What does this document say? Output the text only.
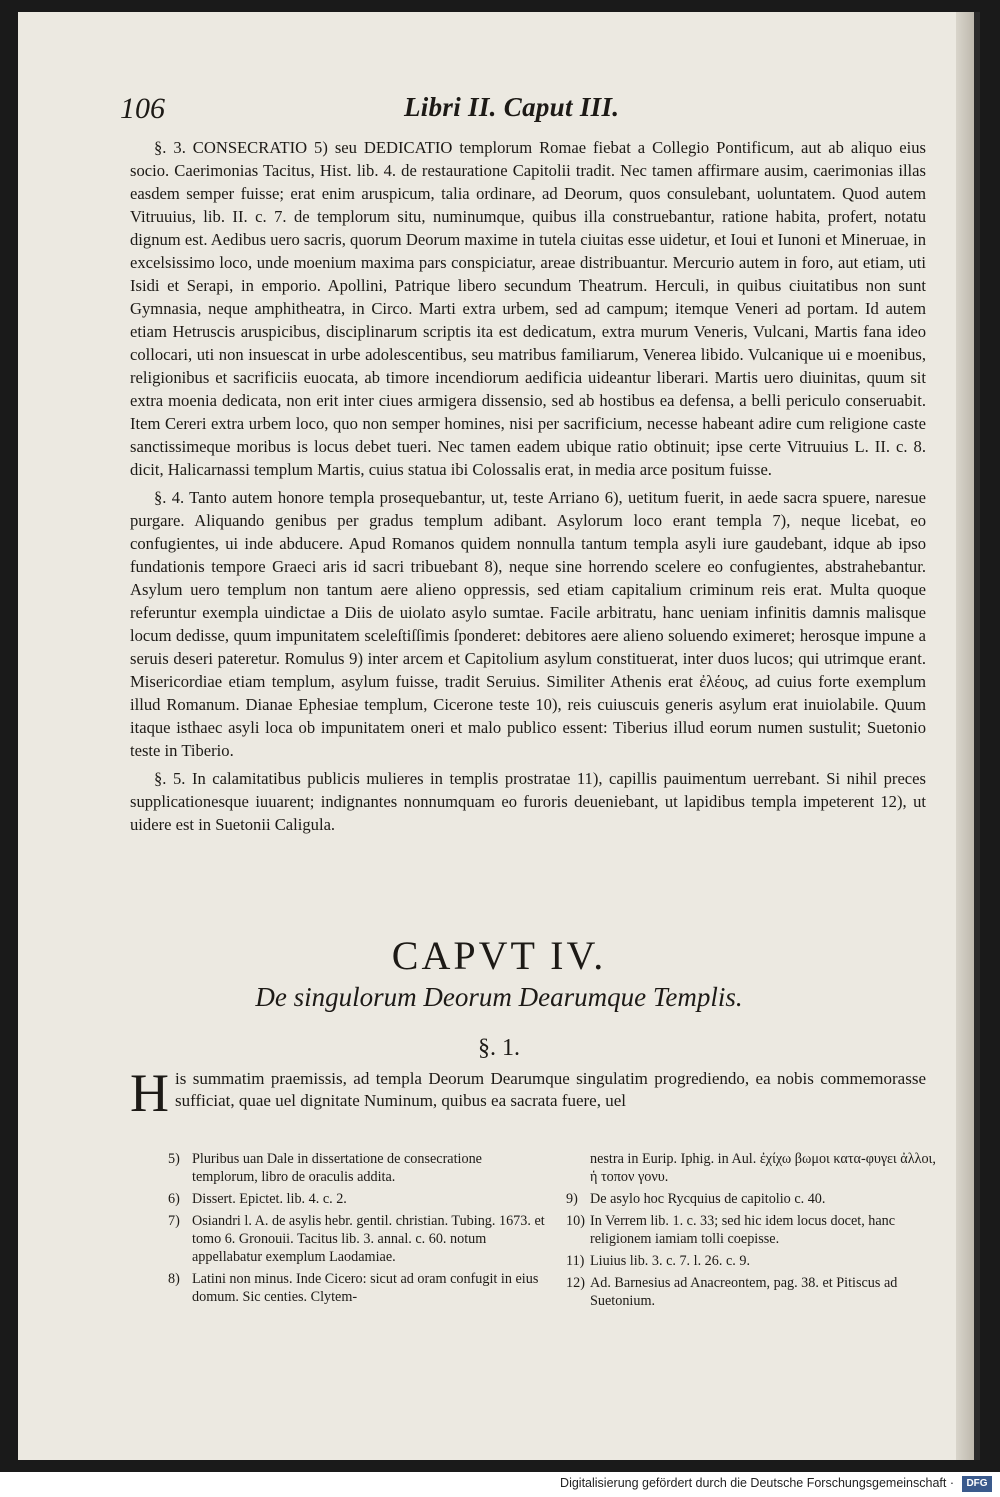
106	Libri II. Caput III.

§. 3. CONSECRATIO 5) seu DEDICATIO templorum Romae fiebat a Collegio Pontificum, aut ab aliquo eius socio. Caerimonias Tacitus, Hist. lib. 4. de restauratione Capitolii tradit. Nec tamen affirmare ausim, caerimonias illas easdem semper fuisse; erat enim aruspicum, talia ordinare, ad Deorum, quos consulebant, uoluntatem. Quod autem Vitruuius, lib. II. c. 7. de templorum situ, numinumque, quibus illa construebantur, ratione habita, profert, notatu dignum est. Aedibus uero sacris, quorum Deorum maxime in tutela ciuitas esse uidetur, et Ioui et Iunoni et Mineruae, in excelsissimo loco, unde moenium maxima pars conspiciatur, areae distribuantur. Mercurio autem in foro, aut etiam, uti Isidi et Serapi, in emporio. Apollini, Patrique libero secundum Theatrum. Herculi, in quibus ciuitatibus non sunt Gymnasia, neque amphitheatra, in Circo. Marti extra urbem, sed ad campum; itemque Veneri ad portam. Id autem etiam Hetruscis aruspicibus, disciplinarum scriptis ita est dedicatum, extra murum Veneris, Vulcani, Martis fana ideo collocari, uti non insuescat in urbe adolescentibus, seu matribus familiarum, Venerea libido. Vulcanique ui e moenibus, religionibus et sacrificiis euocata, ab timore incendiorum aedificia uideantur liberari. Martis uero diuinitas, quum sit extra moenia dedicata, non erit inter ciues armigera dissensio, sed ab hostibus ea defensa, a belli periculo conseruabit. Item Cereri extra urbem loco, quo non semper homines, nisi per sacrificium, necesse habeant adire cum religione caste sanctissimeque moribus is locus debet tueri. Nec tamen eadem ubique ratio obtinuit; ipse certe Vitruuius L. II. c. 8. dicit, Halicarnassi templum Martis, cuius statua ibi Colossalis erat, in media arce positum fuisse.

§. 4. Tanto autem honore templa prosequebantur, ut, teste Arriano 6), uetitum fuerit, in aede sacra spuere, naresue purgare. Aliquando genibus per gradus templum adibant. Asylorum loco erant templa 7), neque licebat, eo confugientes, ui inde abducere. Apud Romanos quidem nonnulla tantum templa asyli iure gaudebant, idque ab ipso fundationis tempore Graeci aris id sacri tribuebant 8), neque sine horrendo scelere eo confugientes, abstrahebantur. Asylum uero templum non tantum aere alieno oppressis, sed etiam capitalium criminum reis erat. Multa quoque referuntur exempla uindictae a Diis de uiolato asylo sumtae. Facile arbitratu, hanc ueniam infinitis damnis malisque locum dedisse, quum impunitatem sceleſtiſſimis ſponderet: debitores aere alieno soluendo eximeret; herosque impune a seruis deseri pateretur. Romulus 9) inter arcem et Capitolium asylum constituerat, inter duos lucos; qui utrimque erant. Misericordiae etiam templum, asylum fuisse, tradit Seruius. Similiter Athenis erat ἐλέους, ad cuius forte exemplum illud Romanum. Dianae Ephesiae templum, Cicerone teste 10), reis cuiuscuis generis asylum erat inuiolabile. Quum itaque isthaec asyli loca ob impunitatem oneri et malo publico essent: Tiberius illud eorum numen sustulit; Suetonio teste in Tiberio.

§. 5. In calamitatibus publicis mulieres in templis prostratae 11), capillis pauimentum uerrebant. Si nihil preces supplicationesque iuuarent; indignantes nonnumquam eo furoris deueniebant, ut lapidibus templa impeterent 12), ut uidere est in Suetonii Caligula.

CAPVT IV.
De singulorum Deorum Dearumque Templis.
§. 1.
H is summatim praemissis, ad templa Deorum Dearumque singulatim progrediendo, ea nobis commemorasse sufficiat, quae uel dignitate Numinum, quibus ea sacrata fuere, uel

5) Pluribus uan Dale in dissertatione de consecratione templorum, libro de oraculis addita.

6) Dissert. Epictet. lib. 4. c. 2.

7) Osiandri l. A. de asylis hebr. gentil. christian. Tubing. 1673. et tomo 6. Gronouii. Tacitus lib. 3. annal. c. 60. notum appellabatur exemplum Laodamiae.

8) Latini non minus. Inde Cicero: sicut ad oram confugit in eius domum. Sic centies. Clytem-

nestra in Eurip. Iphig. in Aul. ἐχίχω βωμοι κατα-φυγει ἀλλοι, ἡ τοπον γονυ.

9) De asylo hoc Rycquius de capitolio c. 40.

10) In Verrem lib. 1. c. 33; sed hic idem locus docet, hanc religionem iamiam tolli coepisse.

11) Liuius lib. 3. c. 7. l. 26. c. 9.

12) Ad. Barnesius ad Anacreontem, pag. 38. et Pitiscus ad Suetonium.

Digitalisierung gefördert durch die Deutsche Forschungsgemeinschaft ·	DFG
